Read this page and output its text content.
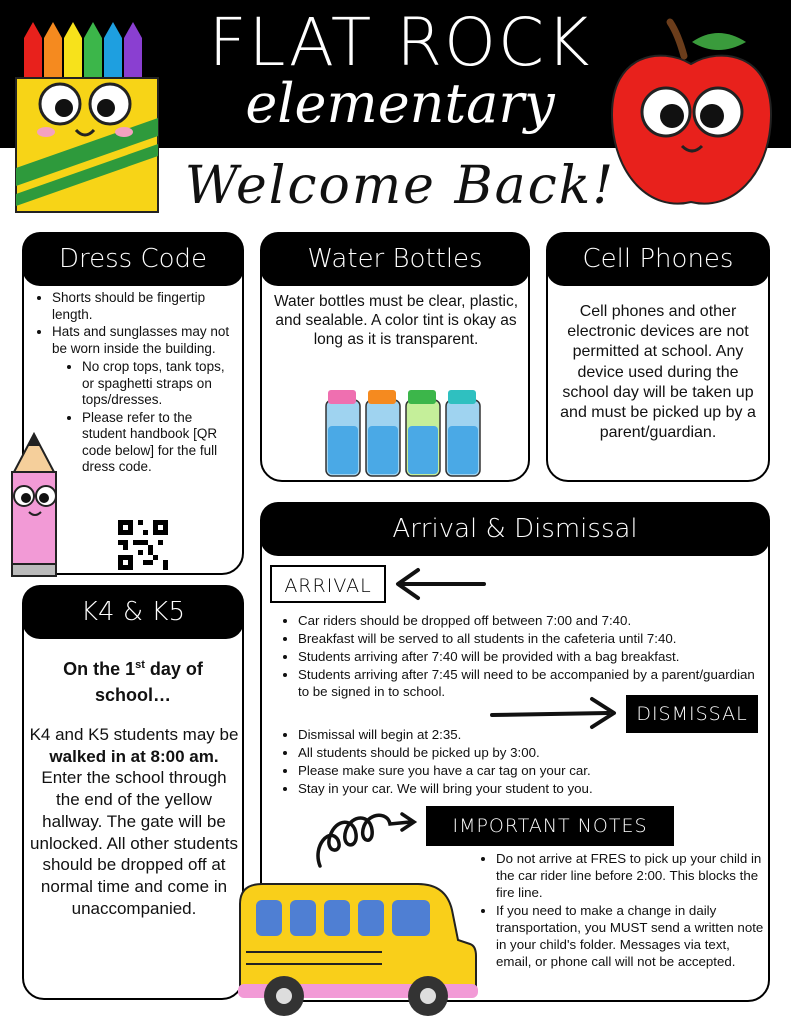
FLAT ROCK
elementary
Welcome Back!
Dress Code
• Shorts should be fingertip length.
• Hats and sunglasses may not be worn inside the building.
• No crop tops, tank tops, or spaghetti straps on tops/dresses.
• Please refer to the student handbook [QR code below] for the full dress code.
Water Bottles
Water bottles must be clear, plastic, and sealable. A color tint is okay as long as it is transparent.
Cell Phones
Cell phones and other electronic devices are not permitted at school. Any device used during the school day will be taken up and must be picked up by a parent/guardian.
K4 & K5
On the 1st day of school…
K4 and K5 students may be walked in at 8:00 am. Enter the school through the end of the yellow hallway. The gate will be unlocked. All other students should be dropped off at normal time and come in unaccompanied.
Arrival & Dismissal
ARRIVAL
• Car riders should be dropped off between 7:00 and 7:40.
• Breakfast will be served to all students in the cafeteria until 7:40.
• Students arriving after 7:40 will be provided with a bag breakfast.
• Students arriving after 7:45 will need to be accompanied by a parent/guardian to be signed in to school.
DISMISSAL
• Dismissal will begin at 2:35.
• All students should be picked up by 3:00.
• Please make sure you have a car tag on your car.
• Stay in your car. We will bring your student to you.
IMPORTANT NOTES
• Do not arrive at FRES to pick up your child in the car rider line before 2:00. This blocks the fire line.
• If you need to make a change in daily transportation, you MUST send a written note in your child's folder. Messages via text, email, or phone call will not be accepted.
